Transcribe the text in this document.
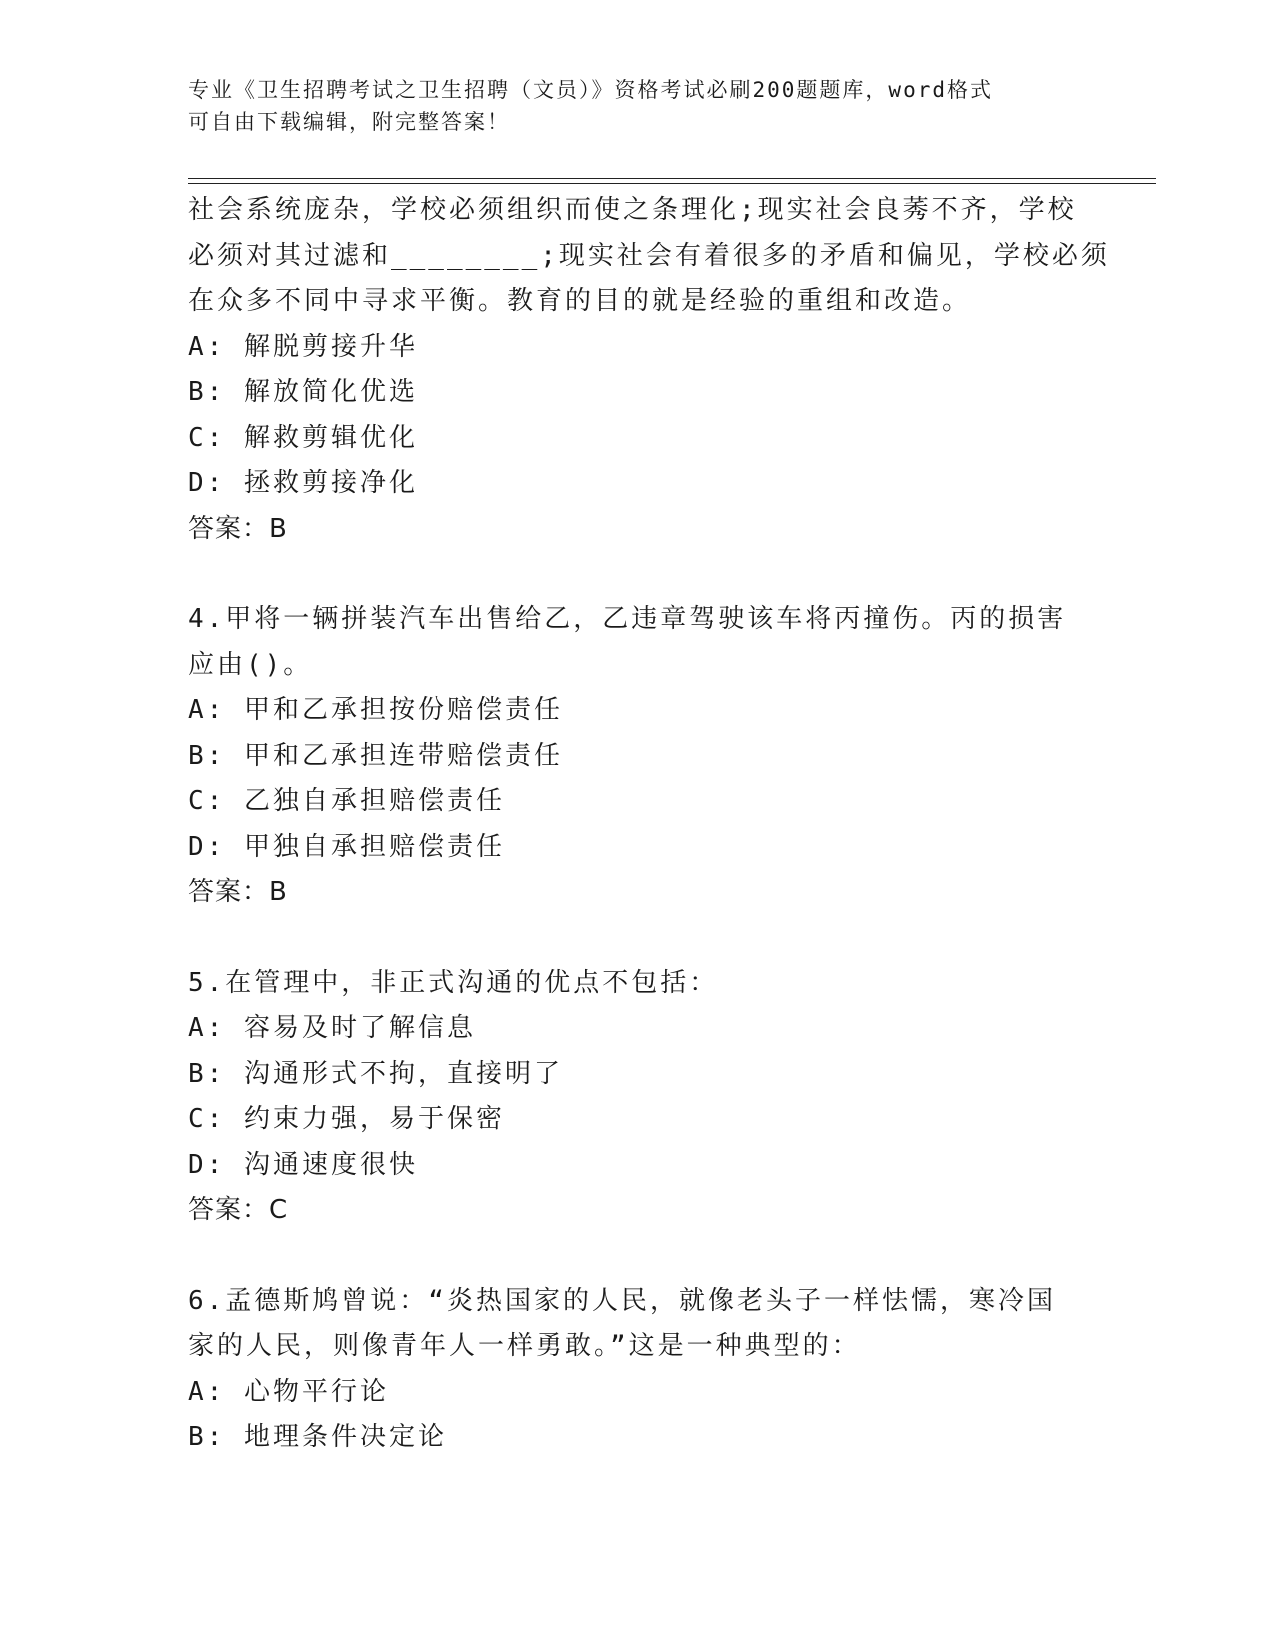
专业《卫生招聘考试之卫生招聘（文员）》资格考试必刷200题题库，word格式
可自由下载编辑，附完整答案！
社会系统庞杂，学校必须组织而使之条理化;现实社会良莠不齐，学校
必须对其过滤和________;现实社会有着很多的矛盾和偏见，学校必须
在众多不同中寻求平衡。教育的目的就是经验的重组和改造。
A: 解脱剪接升华
B: 解放简化优选
C: 解救剪辑优化
D: 拯救剪接净化
答案：B
4.甲将一辆拼装汽车出售给乙，乙违章驾驶该车将丙撞伤。丙的损害
应由()。
A: 甲和乙承担按份赔偿责任
B: 甲和乙承担连带赔偿责任
C: 乙独自承担赔偿责任
D: 甲独自承担赔偿责任
答案：B
5.在管理中，非正式沟通的优点不包括：
A: 容易及时了解信息
B: 沟通形式不拘，直接明了
C: 约束力强，易于保密
D: 沟通速度很快
答案：C
6.孟德斯鸠曾说：“炎热国家的人民，就像老头子一样怯懦，寒冷国
家的人民，则像青年人一样勇敢。”这是一种典型的：
A: 心物平行论
B: 地理条件决定论
